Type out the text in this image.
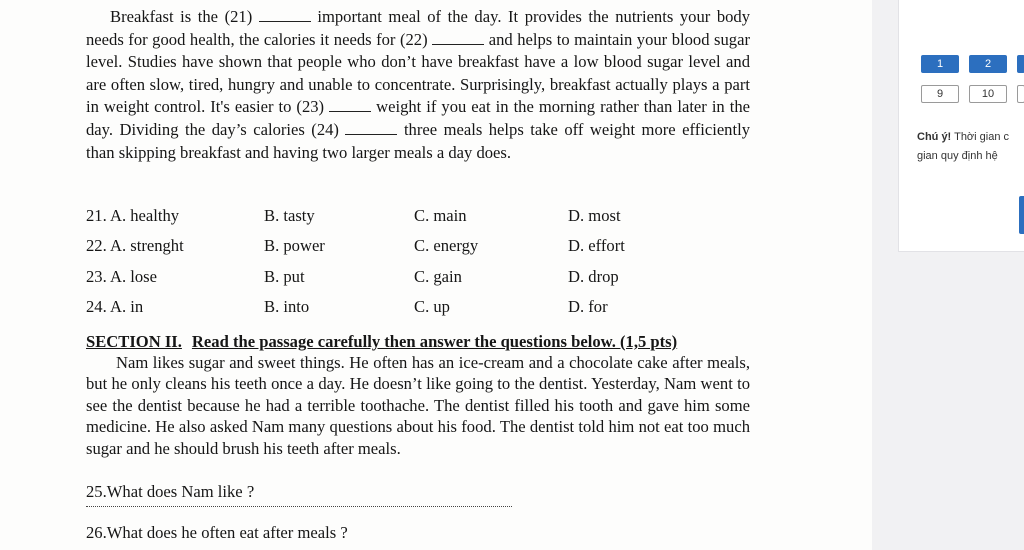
Breakfast is the (21)	important meal of the day. It provides the nutrients your body needs for good health, the calories it needs for (22)	and helps to maintain your blood sugar level. Studies have shown that people who don’t have breakfast have a low blood sugar level and are often slow, tired, hungry and unable to concentrate. Surprisingly, breakfast actually plays a part in weight control. It's easier to (23)	weight if you eat in the morning rather than later in the day. Dividing the day’s calories (24)	three meals helps take off weight more efficiently than skipping breakfast and having two larger meals a day does.

21. A. healthy	B. tasty	C. main	D. most
22. A. strenght	B. power	C. energy	D. effort
23. A. lose	B. put	C. gain	D. drop
24. A. in	B. into	C. up	D. for
SECTION II. Read the passage carefully then answer the questions below. (1,5 pts)

Nam likes sugar and sweet things. He often has an ice-cream and a chocolate cake after meals, but he only cleans his teeth once a day. He doesn’t like going to the dentist. Yesterday, Nam went to see the dentist because he had a terrible toothache. The dentist filled his tooth and gave him some medicine. He also asked Nam many questions about his food. The dentist told him not eat too much sugar and he should brush his teeth after meals.

25.What does Nam like ?
26.What does he often eat after meals ?
1	2
9	10
Chú ý! Thời gian c
gian quy định hệ
